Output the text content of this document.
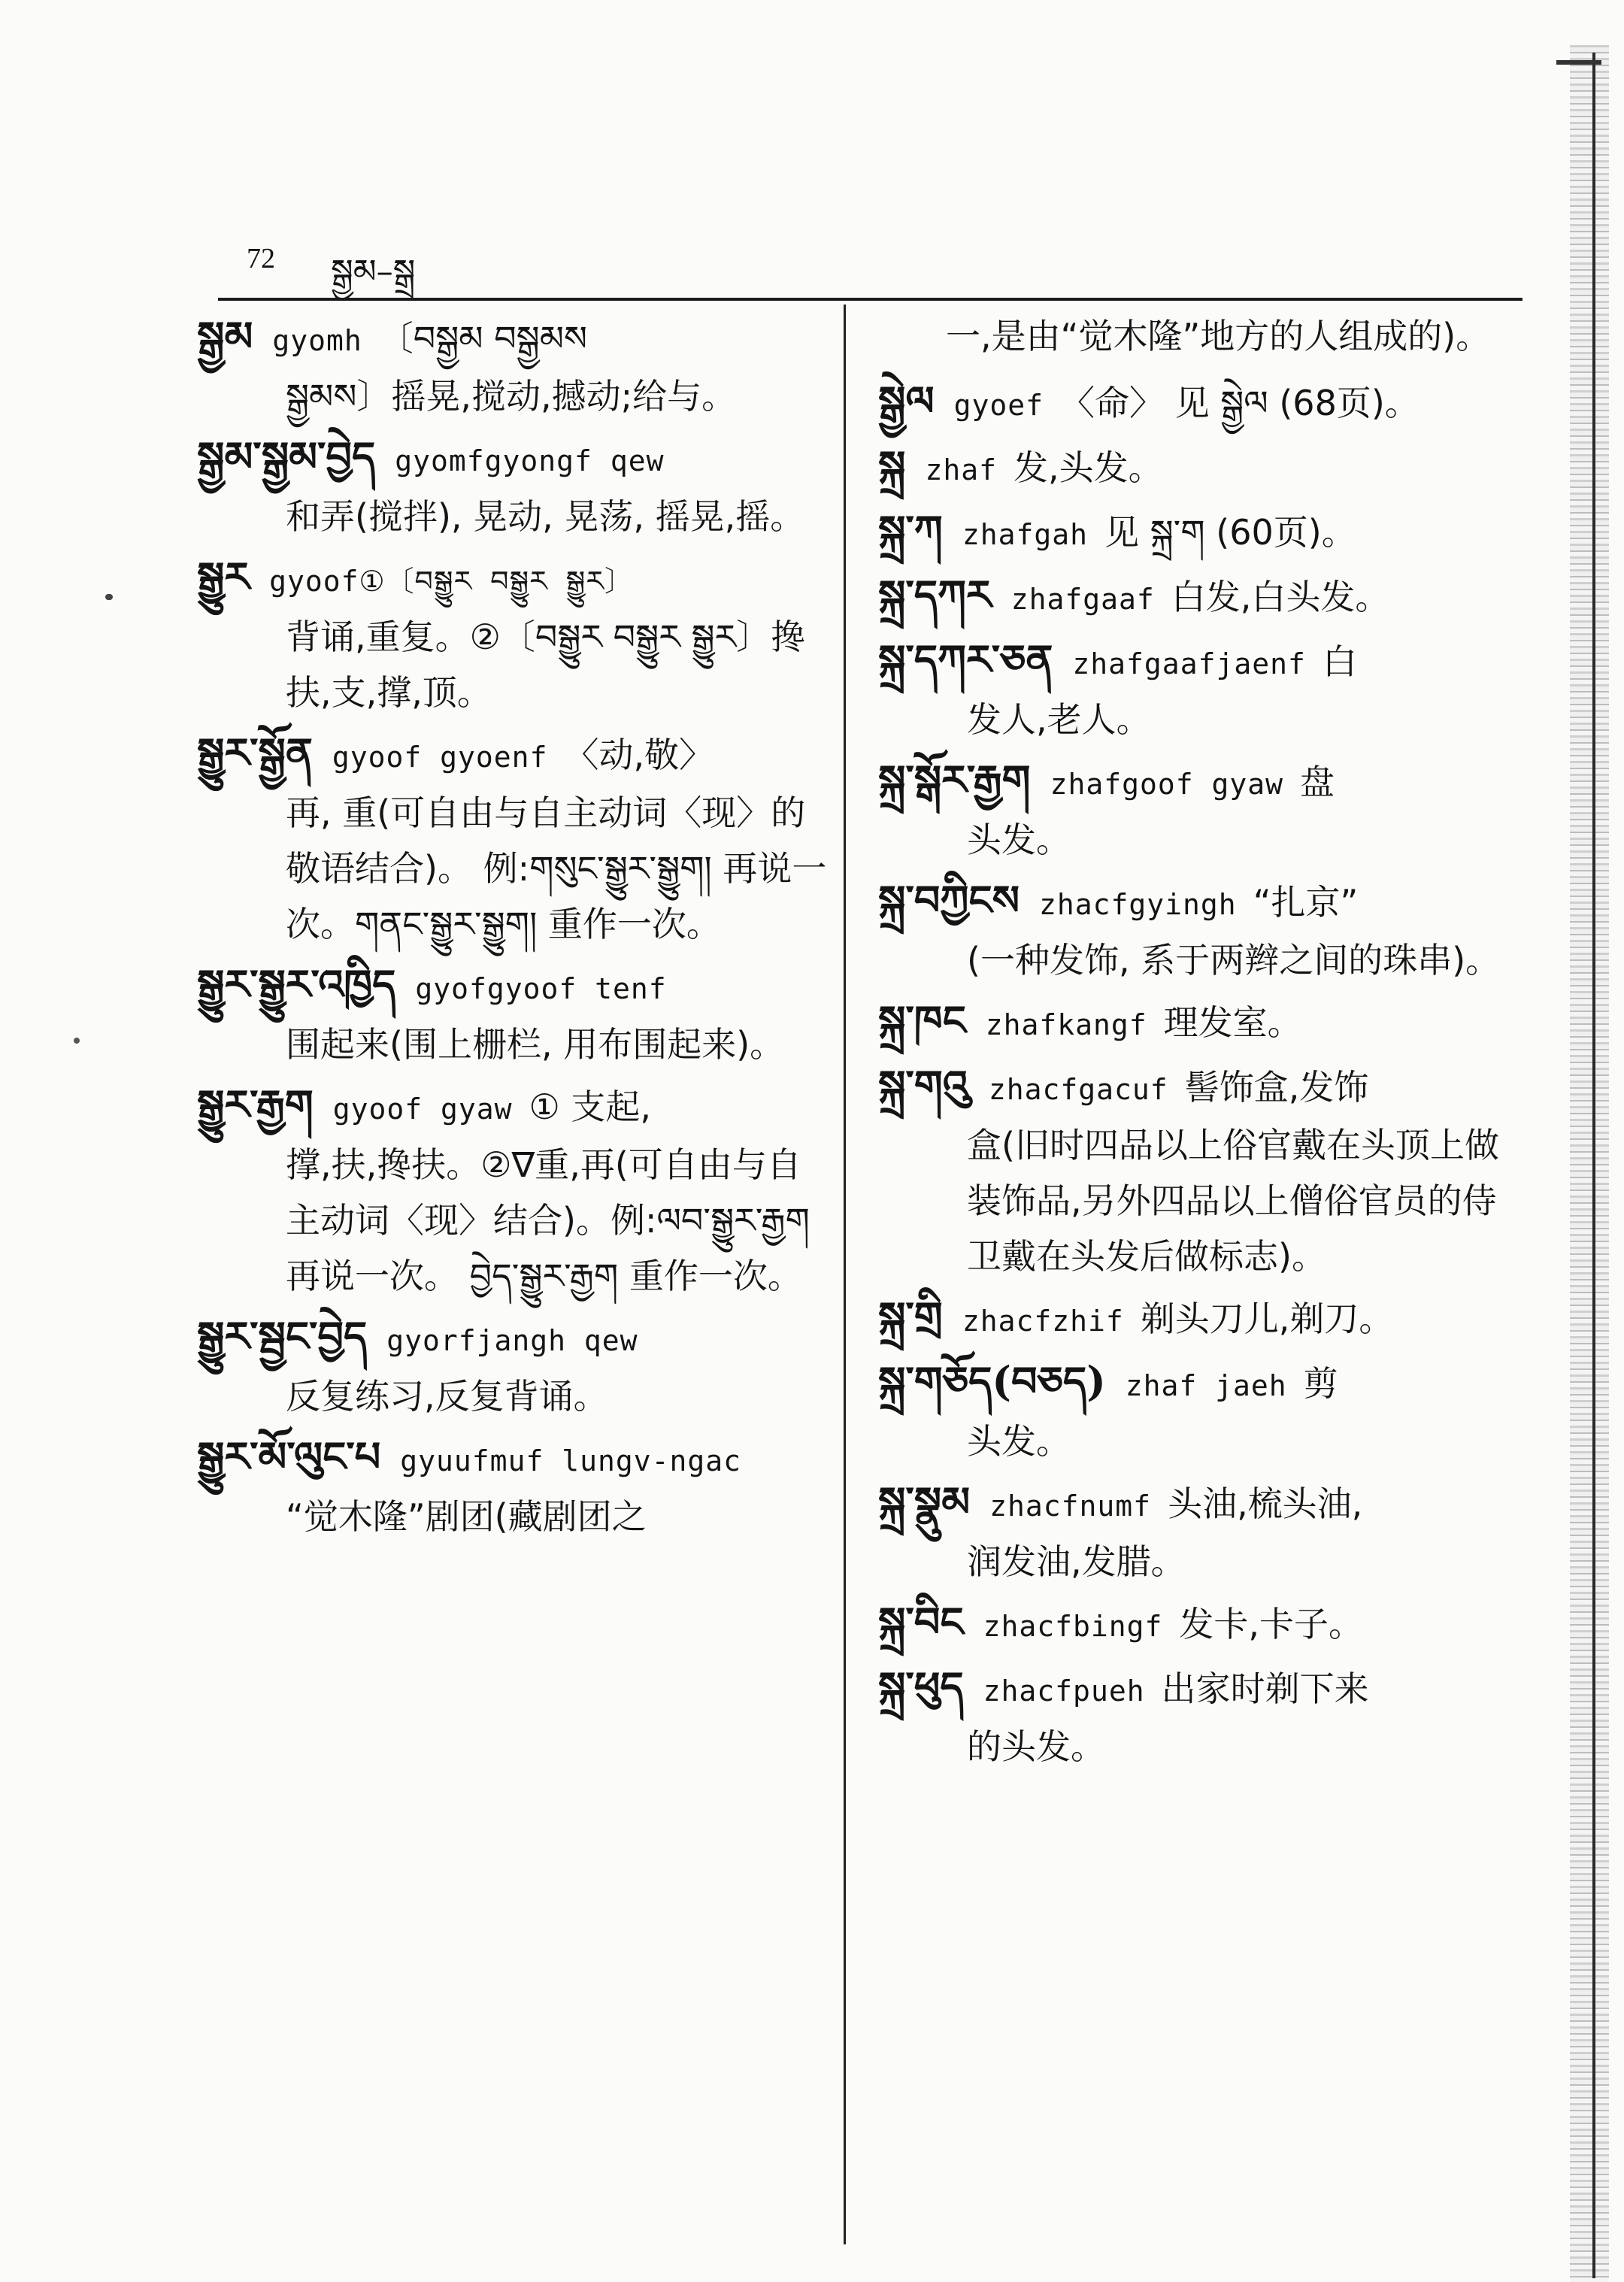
72 སྒྱམ–སྒྲ
སྒྱམ gyomh 〔བསྒྱམ བསྒྱམས
སྒྱམས〕摇晃,搅动,撼动;给与。
སྒྱམ་སྒྱམ་བྱེད gyomfgyongf qew
和弄(搅拌), 晃动, 晃荡, 摇晃,摇。
སྒྱུར gyoof①〔བསྒྱུར བསྒྱུར སྒྱུར〕
背诵,重复。②〔བསྒྱུར བསྒྱུར སྒྱུར〕搀扶,支,撑,顶。
སྒྱུར་སྒྱོན gyoof gyoenf 〈动,敬〉
再, 重(可自由与自主动词〈现〉的敬语结合)。 例:གསུང་སྒྱུར་སྒྱུག། 再说一次。གནང་སྒྱུར་སྒྱུག། 重作一次。
སྒྱུར་སྒྱུར་འཁྱིད gyofgyoof tenf
围起来(围上栅栏, 用布围起来)。
སྒྱུར་རྒྱག gyoof gyaw ① 支起,
撑,扶,搀扶。②∇重,再(可自由与自主动词〈现〉结合)。例:ལབ་སྒྱུར་རྒྱག 再说一次。 བྱེད་སྒྱུར་རྒྱག 重作一次。
སྒྱུར་སྦྱང་བྱེད gyorfjangh qew
反复练习,反复背诵。
སྒྱུར་མོ་ལུང་པ gyuufmuf lungv-ngac
“觉木隆”剧团(藏剧团之
一,是由“觉木隆”地方的人组成的)。
སྒྱེལ gyoef 〈命〉 见 སྒྱེལ (68页)。
སྐྲ zhaf 发,头发。
སྐྲ་ཀ zhafgah 见 སྐྲ་ག (60页)。
སྐྲ་དཀར zhafgaaf 白发,白头发。
སྐྲ་དཀར་ཅན zhafgaafjaenf 白
发人,老人。
སྐྲ་སྒོར་རྒྱག zhafgoof gyaw 盘
头发。
སྐྲ་བཀྱིངས zhacfgyingh “扎京”
(一种发饰, 系于两辫之间的珠串)。
སྐྲ་ཁང zhafkangf 理发室。
སྐྲ་གའུ zhacfgacuf 髻饰盒,发饰
盒(旧时四品以上俗官戴在头顶上做装饰品,另外四品以上僧俗官员的侍卫戴在头发后做标志)。
སྐྲ་གྲི zhacfzhif 剃头刀儿,剃刀。
སྐྲ་གཅོད(བཅད) zhaf jaeh 剪
头发。
སྐྲ་སྣུམ zhacfnumf 头油,梳头油,
润发油,发腊。
སྐྲ་བིང zhacfbingf 发卡,卡子。
སྐྲ་ཕུད zhacfpueh 出家时剃下来
的头发。
